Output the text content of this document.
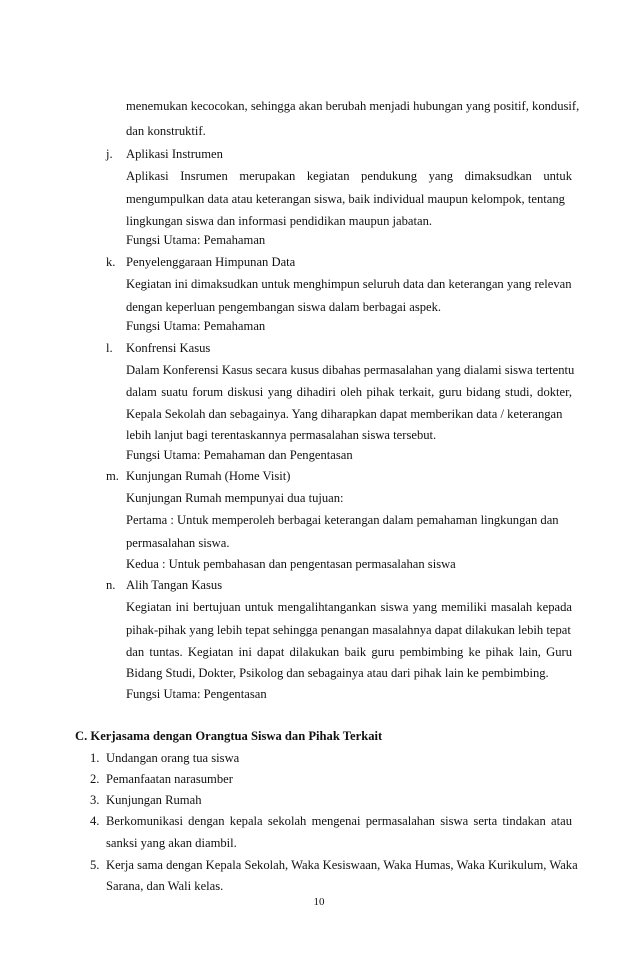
menemukan kecocokan, sehingga akan berubah menjadi hubungan yang positif, kondusif,
dan konstruktif.
j. Aplikasi Instrumen
Aplikasi Insrumen merupakan kegiatan pendukung yang dimaksudkan untuk
mengumpulkan data atau keterangan siswa, baik individual maupun kelompok, tentang
lingkungan siswa dan informasi pendidikan maupun jabatan.
Fungsi Utama: Pemahaman
k. Penyelenggaraan Himpunan Data
Kegiatan ini dimaksudkan untuk menghimpun seluruh data dan keterangan yang relevan
dengan keperluan pengembangan siswa dalam berbagai aspek.
Fungsi Utama: Pemahaman
l. Konfrensi Kasus
Dalam Konferensi Kasus secara kusus dibahas permasalahan yang dialami siswa tertentu
dalam suatu forum diskusi yang dihadiri oleh pihak terkait, guru bidang studi, dokter,
Kepala Sekolah dan sebagainya. Yang diharapkan dapat memberikan data / keterangan
lebih lanjut bagi terentaskannya permasalahan siswa tersebut.
Fungsi Utama: Pemahaman dan Pengentasan
m. Kunjungan Rumah (Home Visit)
Kunjungan Rumah mempunyai dua tujuan:
Pertama : Untuk memperoleh berbagai keterangan dalam pemahaman lingkungan dan
permasalahan siswa.
Kedua : Untuk pembahasan dan pengentasan permasalahan siswa
n. Alih Tangan Kasus
Kegiatan ini bertujuan untuk mengalihtangankan siswa yang memiliki masalah kepada
pihak-pihak yang lebih tepat sehingga penangan masalahnya dapat dilakukan lebih tepat
dan tuntas. Kegiatan ini dapat dilakukan baik guru pembimbing ke pihak lain, Guru
Bidang Studi, Dokter, Psikolog dan sebagainya atau dari pihak lain ke pembimbing.
Fungsi Utama: Pengentasan
C. Kerjasama dengan Orangtua Siswa dan Pihak Terkait
1. Undangan orang tua siswa
2. Pemanfaatan narasumber
3. Kunjungan Rumah
4. Berkomunikasi dengan kepala sekolah mengenai permasalahan siswa serta tindakan atau
sanksi yang akan diambil.
5. Kerja sama dengan Kepala Sekolah, Waka Kesiswaan, Waka Humas, Waka Kurikulum, Waka
Sarana, dan Wali kelas.
10
